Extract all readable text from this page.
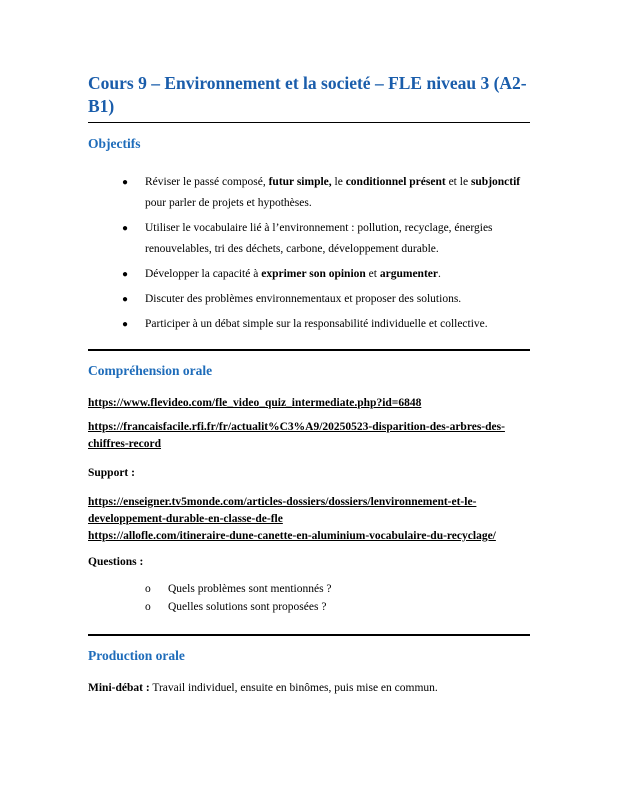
Cours 9 – Environnement et la societé – FLE niveau 3 (A2-B1)
Objectifs
●	Réviser le passé composé, futur simple, le conditionnel présent et le subjonctif pour parler de projets et hypothèses.
●	Utiliser le vocabulaire lié à l’environnement : pollution, recyclage, énergies renouvelables, tri des déchets, carbone, développement durable.
●	Développer la capacité à exprimer son opinion et argumenter.
●	Discuter des problèmes environnementaux et proposer des solutions.
●	Participer à un débat simple sur la responsabilité individuelle et collective.
Compréhension orale

https://www.flevideo.com/fle_video_quiz_intermediate.php?id=6848

https://francaisfacile.rfi.fr/fr/actualit%C3%A9/20250523-disparition-des-arbres-des-chiffres-record

Support :

https://enseigner.tv5monde.com/articles-dossiers/dossiers/lenvironnement-et-le-developpement-durable-en-classe-de-fle
https://allofle.com/itineraire-dune-canette-en-aluminium-vocabulaire-du-recyclage/

Questions :

o	Quels problèmes sont mentionnés ?
o	Quelles solutions sont proposées ?
Production orale

Mini-débat : Travail individuel, ensuite en binômes, puis mise en commun.
